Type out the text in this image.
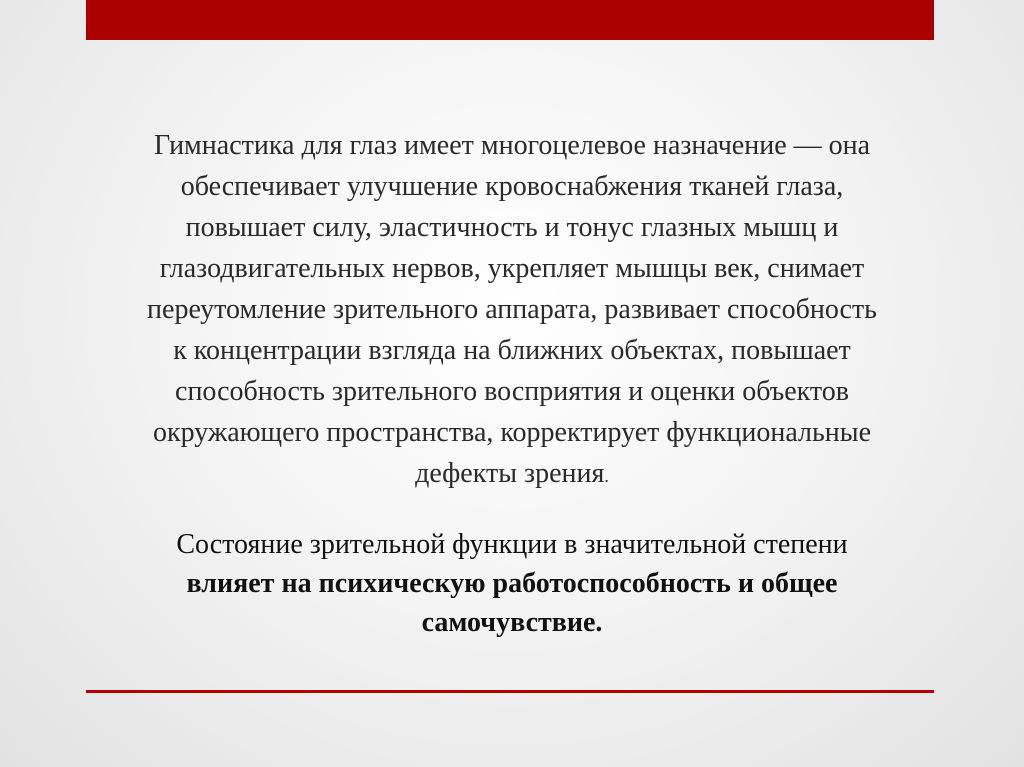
Гимнастика для глаз имеет многоцелевое назначение — она
обеспечивает улучшение кровоснабжения тканей глаза,
повышает силу, эластичность и тонус глазных мышц и
глазодвигательных нервов, укрепляет мышцы век, снимает
переутомление зрительного аппарата, развивает способность
к концентрации взгляда на ближних объектах, повышает
способность зрительного восприятия и оценки объектов
окружающего пространства, корректирует функциональные
дефекты зрения.

Состояние зрительной функции в значительной степени
влияет на психическую работоспособность и общее
самочувствие.
